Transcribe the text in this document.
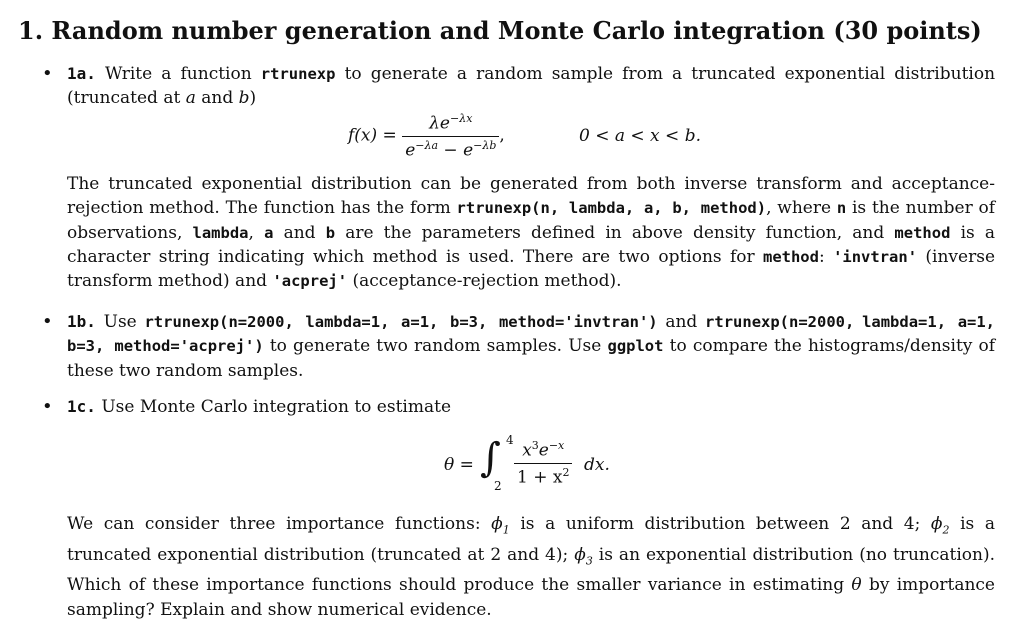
1. Random number generation and Monte Carlo integration (30 points)
• 1a. Write a function rtrunexp to generate a random sample from a truncated exponential distribution (truncated at a and b)
$f(x) = \frac{\lambda e^{-\lambda x}}{e^{-\lambda a} - e^{-\lambda b}}$ ,	0 < a < x < b.
The truncated exponential distribution can be generated from both inverse transform and acceptance-rejection method. The function has the form rtrunexp(n, lambda, a, b, method), where n is the number of observations, lambda, a and b are the parameters defined in above density function, and method is a character string indicating which method is used. There are two options for method: 'invtran' (inverse transform method) and 'acprej' (acceptance-rejection method).
• 1b. Use rtrunexp(n=2000, lambda=1, a=1, b=3, method='invtran') and rtrunexp(n=2000, lambda=1, a=1, b=3, method='acprej') to generate two random samples. Use ggplot to compare the histograms/density of these two random samples.
• 1c. Use Monte Carlo integration to estimate
θ = ∫ 4
$2 \frac{x^3e^{-x}}{1 + x^2}$ dx.
We can consider three importance functions: $\phi_1$ is a uniform distribution between 2 and 4; $\phi_2$ is a truncated exponential distribution (truncated at 2 and 4); $\phi_3$ is an exponential distribution (no truncation). Which of these importance functions should produce the smaller variance in estimating θ by importance sampling? Explain and show numerical evidence.
